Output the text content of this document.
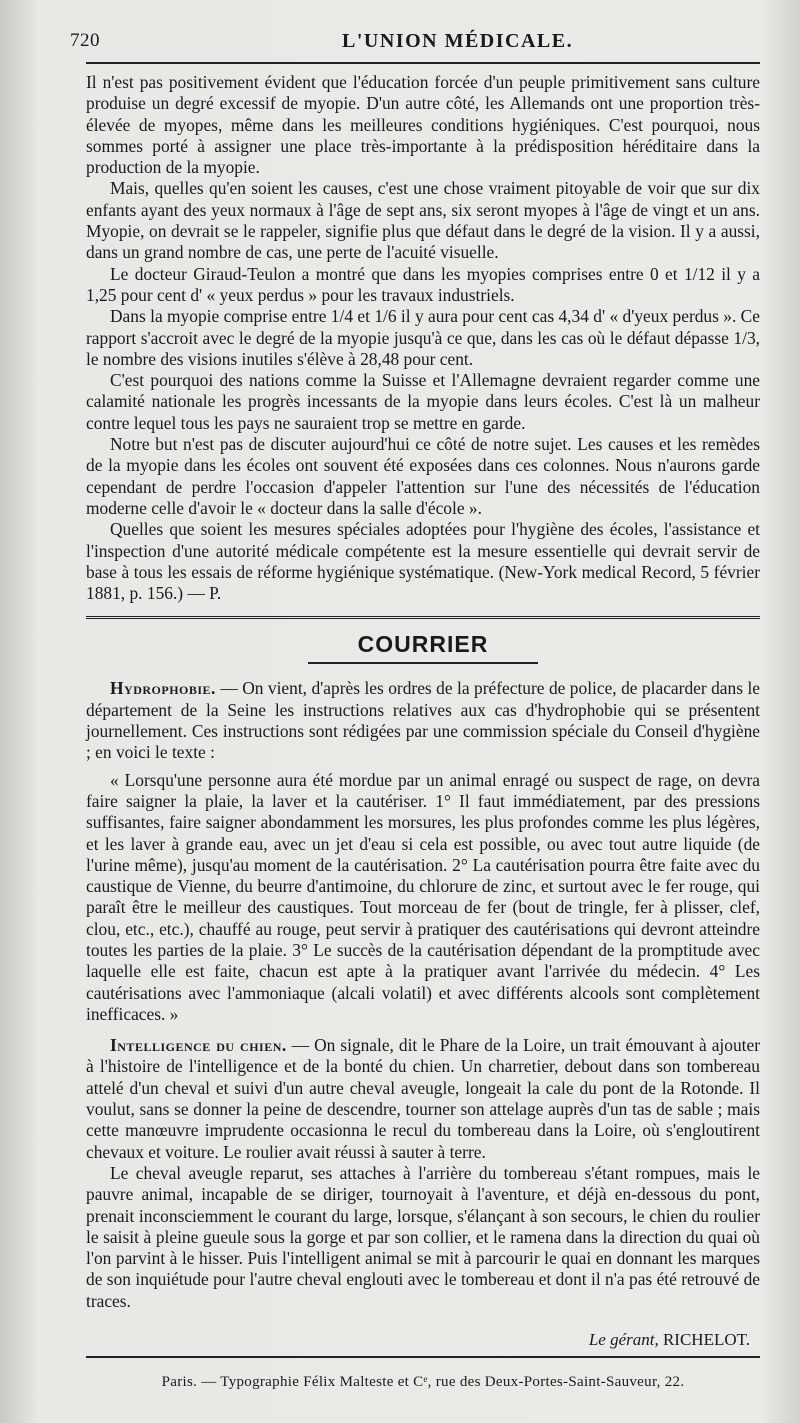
720	L'UNION MÉDICALE.

Il n'est pas positivement évident que l'éducation forcée d'un peuple primitivement sans culture produise un degré excessif de myopie. D'un autre côté, les Allemands ont une proportion très-élevée de myopes, même dans les meilleures conditions hygiéniques. C'est pourquoi, nous sommes porté à assigner une place très-importante à la prédisposition héréditaire dans la production de la myopie.

Mais, quelles qu'en soient les causes, c'est une chose vraiment pitoyable de voir que sur dix enfants ayant des yeux normaux à l'âge de sept ans, six seront myopes à l'âge de vingt et un ans. Myopie, on devrait se le rappeler, signifie plus que défaut dans le degré de la vision. Il y a aussi, dans un grand nombre de cas, une perte de l'acuité visuelle.

Le docteur Giraud-Teulon a montré que dans les myopies comprises entre 0 et 1/12 il y a 1,25 pour cent d' « yeux perdus » pour les travaux industriels.

Dans la myopie comprise entre 1/4 et 1/6 il y aura pour cent cas 4,34 d' « d'yeux perdus ». Ce rapport s'accroit avec le degré de la myopie jusqu'à ce que, dans les cas où le défaut dépasse 1/3, le nombre des visions inutiles s'élève à 28,48 pour cent.

C'est pourquoi des nations comme la Suisse et l'Allemagne devraient regarder comme une calamité nationale les progrès incessants de la myopie dans leurs écoles. C'est là un malheur contre lequel tous les pays ne sauraient trop se mettre en garde.

Notre but n'est pas de discuter aujourd'hui ce côté de notre sujet. Les causes et les remèdes de la myopie dans les écoles ont souvent été exposées dans ces colonnes. Nous n'aurons garde cependant de perdre l'occasion d'appeler l'attention sur l'une des nécessités de l'éducation moderne celle d'avoir le « docteur dans la salle d'école ».

Quelles que soient les mesures spéciales adoptées pour l'hygiène des écoles, l'assistance et l'inspection d'une autorité médicale compétente est la mesure essentielle qui devrait servir de base à tous les essais de réforme hygiénique systématique. (New-York medical Record, 5 février 1881, p. 156.) — P.

COURRIER

Hydrophobie. — On vient, d'après les ordres de la préfecture de police, de placarder dans le département de la Seine les instructions relatives aux cas d'hydrophobie qui se présentent journellement. Ces instructions sont rédigées par une commission spéciale du Conseil d'hygiène ; en voici le texte :

« Lorsqu'une personne aura été mordue par un animal enragé ou suspect de rage, on devra faire saigner la plaie, la laver et la cautériser. 1° Il faut immédiatement, par des pressions suffisantes, faire saigner abondamment les morsures, les plus profondes comme les plus légères, et les laver à grande eau, avec un jet d'eau si cela est possible, ou avec tout autre liquide (de l'urine même), jusqu'au moment de la cautérisation. 2° La cautérisation pourra être faite avec du caustique de Vienne, du beurre d'antimoine, du chlorure de zinc, et surtout avec le fer rouge, qui paraît être le meilleur des caustiques. Tout morceau de fer (bout de tringle, fer à plisser, clef, clou, etc., etc.), chauffé au rouge, peut servir à pratiquer des cautérisations qui devront atteindre toutes les parties de la plaie. 3° Le succès de la cautérisation dépendant de la promptitude avec laquelle elle est faite, chacun est apte à la pratiquer avant l'arrivée du médecin. 4° Les cautérisations avec l'ammoniaque (alcali volatil) et avec différents alcools sont complètement inefficaces. »

Intelligence du chien. — On signale, dit le Phare de la Loire, un trait émouvant à ajouter à l'histoire de l'intelligence et de la bonté du chien. Un charretier, debout dans son tombereau attelé d'un cheval et suivi d'un autre cheval aveugle, longeait la cale du pont de la Rotonde. Il voulut, sans se donner la peine de descendre, tourner son attelage auprès d'un tas de sable ; mais cette manœuvre imprudente occasionna le recul du tombereau dans la Loire, où s'engloutirent chevaux et voiture. Le roulier avait réussi à sauter à terre.

Le cheval aveugle reparut, ses attaches à l'arrière du tombereau s'étant rompues, mais le pauvre animal, incapable de se diriger, tournoyait à l'aventure, et déjà en-dessous du pont, prenait inconsciemment le courant du large, lorsque, s'élançant à son secours, le chien du roulier le saisit à pleine gueule sous la gorge et par son collier, et le ramena dans la direction du quai où l'on parvint à le hisser. Puis l'intelligent animal se mit à parcourir le quai en donnant les marques de son inquiétude pour l'autre cheval englouti avec le tombereau et dont il n'a pas été retrouvé de traces.

Le gérant, RICHELOT.
Paris. — Typographie Félix Malteste et Cᵉ, rue des Deux-Portes-Saint-Sauveur, 22.
